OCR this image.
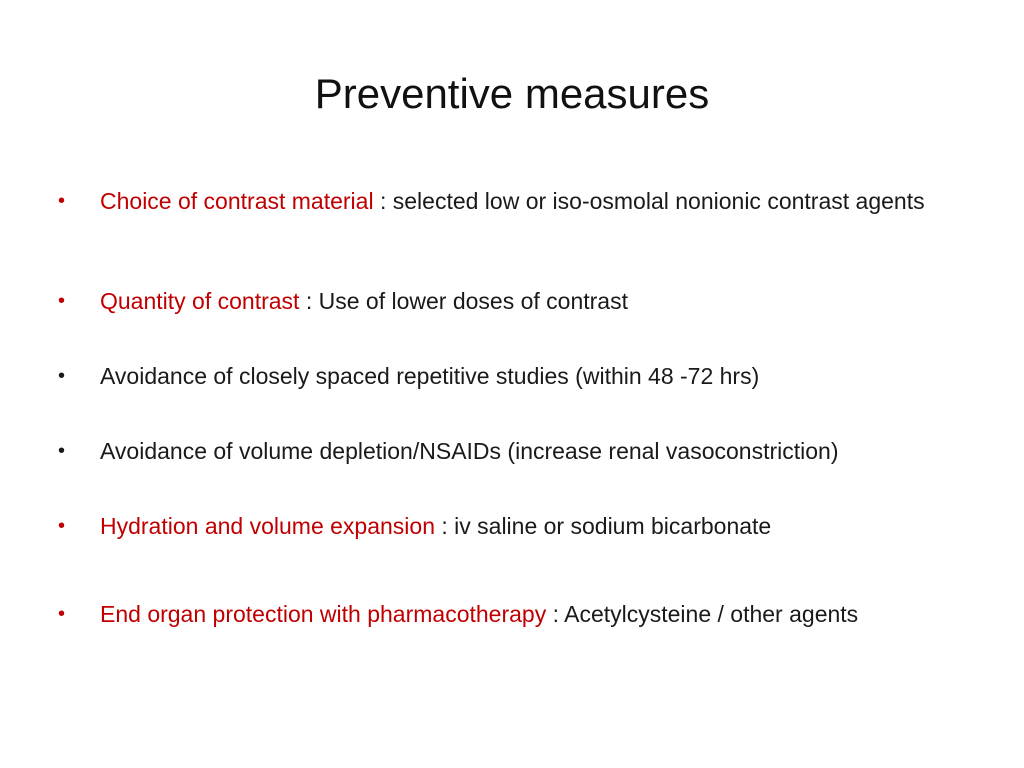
Preventive measures
•	Choice of contrast material : selected low or iso-osmolal nonionic contrast agents
•	Quantity of contrast : Use of lower doses of contrast
•	Avoidance of closely spaced repetitive studies (within 48 -72 hrs)
•	Avoidance of volume depletion/NSAIDs (increase renal vasoconstriction)
•	Hydration and volume expansion : iv saline or sodium bicarbonate
•	End organ protection with pharmacotherapy : Acetylcysteine / other agents
